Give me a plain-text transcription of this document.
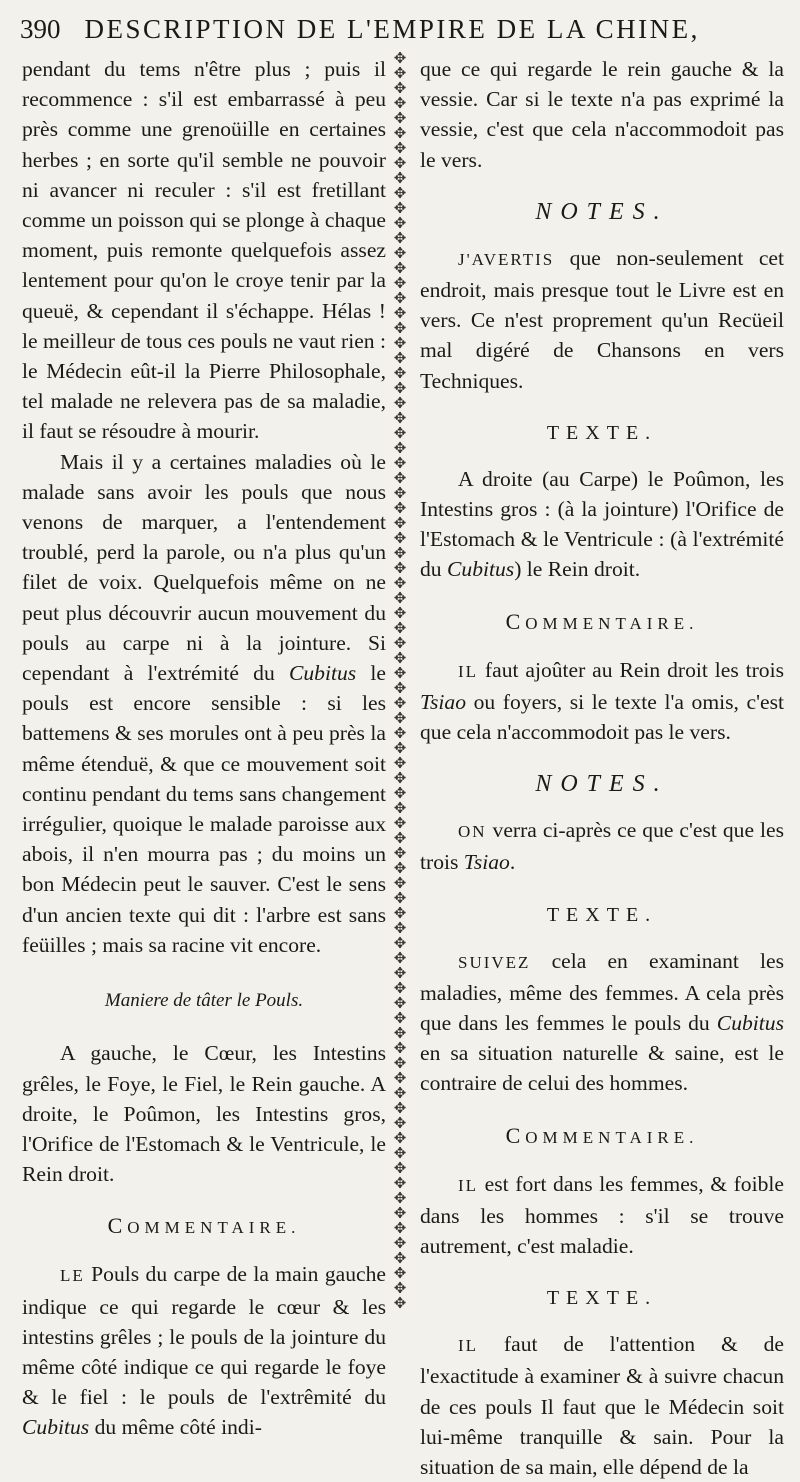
390 DESCRIPTION DE L'EMPIRE DE LA CHINE,

pendant du tems n'être plus ; puis il recommence : s'il est embarrassé à peu près comme une grenoüille en certaines herbes ; en sorte qu'il semble ne pouvoir ni avancer ni reculer : s'il est fretillant comme un poisson qui se plonge à chaque moment, puis remonte quelquefois assez lentement pour qu'on le croye tenir par la queuë, & cependant il s'échappe. Hélas ! le meilleur de tous ces pouls ne vaut rien : le Médecin eût-il la Pierre Philosophale, tel malade ne relevera pas de sa maladie, il faut se résoudre à mourir.

Mais il y a certaines maladies où le malade sans avoir les pouls que nous venons de marquer, a l'entendement troublé, perd la parole, ou n'a plus qu'un filet de voix. Quelquefois même on ne peut plus découvrir aucun mouvement du pouls au carpe ni à la jointure. Si cependant à l'extrémité du Cubitus le pouls est encore sensible : si les battemens & ses morules ont à peu près la même étenduë, & que ce mouvement soit continu pendant du tems sans changement irrégulier, quoique le malade paroisse aux abois, il n'en mourra pas ; du moins un bon Médecin peut le sauver. C'est le sens d'un ancien texte qui dit : l'arbre est sans feüilles ; mais sa racine vit encore.

Maniere de tâter le Pouls.

A gauche, le Cœur, les Intestins grêles, le Foye, le Fiel, le Rein gauche. A droite, le Poûmon, les Intestins gros, l'Orifice de l'Estomach & le Ventricule, le Rein droit.

COMMENTAIRE.

LE Pouls du carpe de la main gauche indique ce qui regarde le cœur & les intestins grêles ; le pouls de la jointure du même côté indique ce qui regarde le foye & le fiel : le pouls de l'extrêmité du Cubitus du même côté indi-

✥✥✥✥✥✥✥✥✥✥✥✥✥✥✥✥✥✥✥✥✥✥✥✥✥✥✥✥✥✥✥✥✥✥✥✥✥✥✥✥✥✥✥✥✥✥✥✥✥✥✥✥✥✥✥✥✥✥✥✥✥✥✥✥✥✥✥✥✥✥✥✥✥✥✥✥✥✥✥✥✥✥✥✥

que ce qui regarde le rein gauche & la vessie. Car si le texte n'a pas exprimé la vessie, c'est que cela n'accommodoit pas le vers.

NOTES.

J'AVERTIS que non-seulement cet endroit, mais presque tout le Livre est en vers. Ce n'est proprement qu'un Recüeil mal digéré de Chansons en vers Techniques.

TEXTE.

A droite (au Carpe) le Poûmon, les Intestins gros : (à la jointure) l'Orifice de l'Estomach & le Ventricule : (à l'extrémité du Cubitus) le Rein droit.

COMMENTAIRE.

IL faut ajoûter au Rein droit les trois Tsiao ou foyers, si le texte l'a omis, c'est que cela n'accommodoit pas le vers.

NOTES.

ON verra ci-après ce que c'est que les trois Tsiao.

TEXTE.

SUIVEZ cela en examinant les maladies, même des femmes. A cela près que dans les femmes le pouls du Cubitus en sa situation naturelle & saine, est le contraire de celui des hommes.

COMMENTAIRE.

IL est fort dans les femmes, & foible dans les hommes : s'il se trouve autrement, c'est maladie.

TEXTE.

IL faut de l'attention & de l'exactitude à examiner & à suivre chacun de ces pouls Il faut que le Médecin soit lui-même tranquille & sain. Pour la situation de sa main, elle dépend de la
